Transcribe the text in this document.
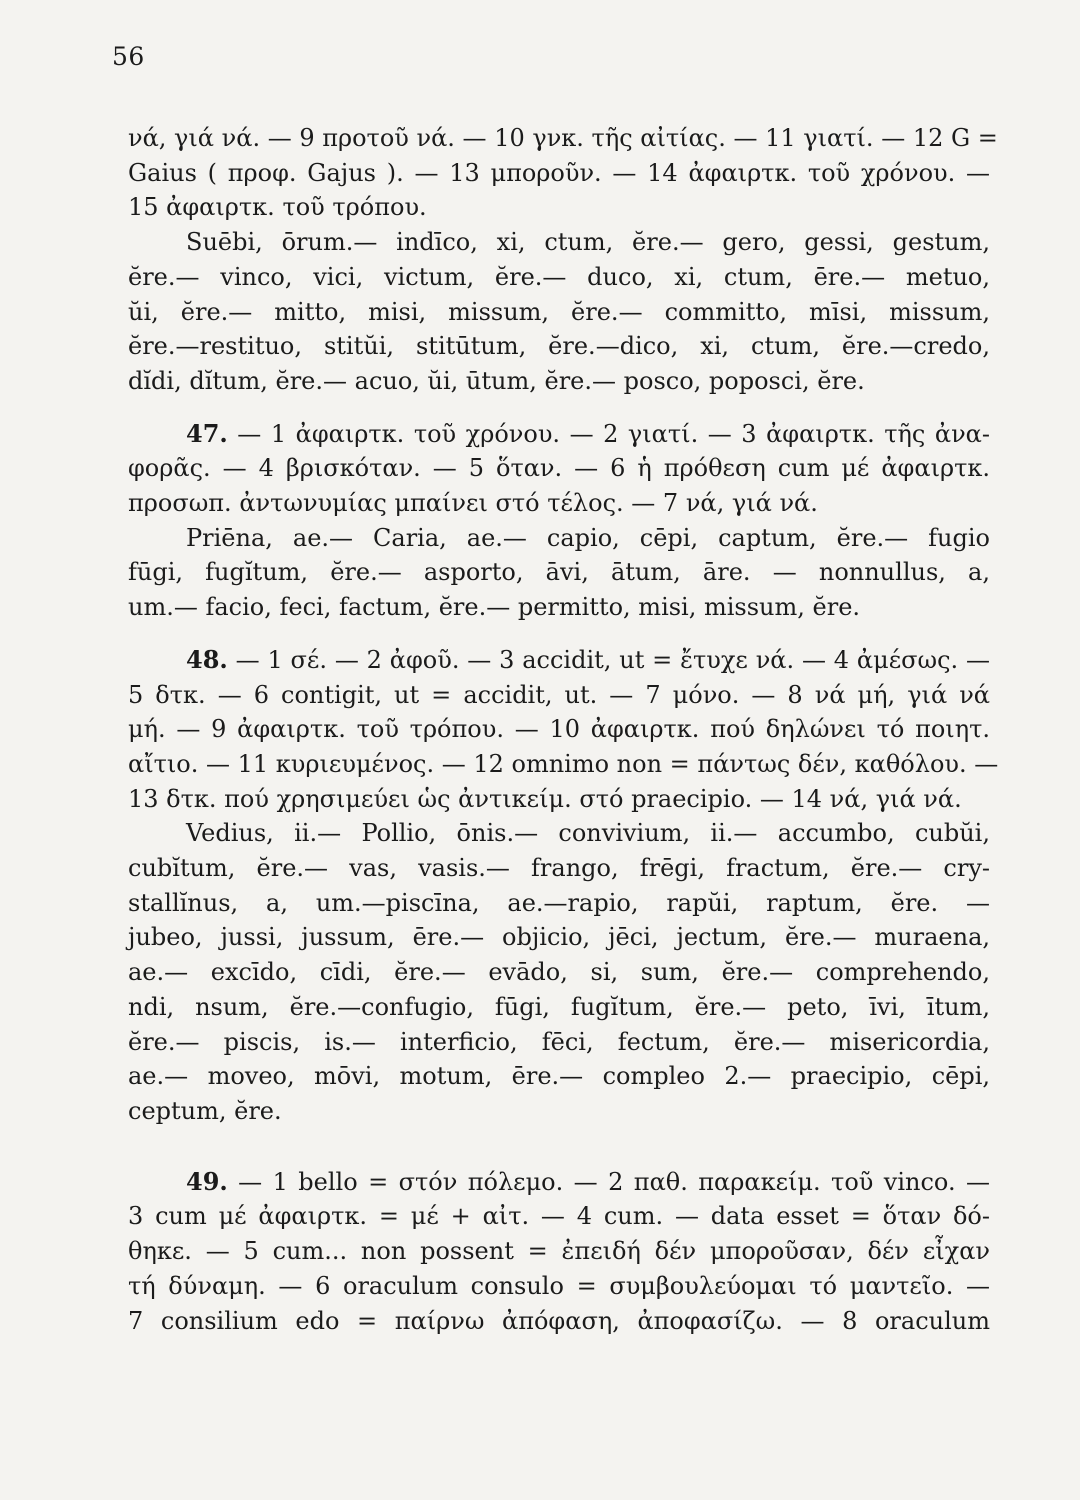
56

νά, γιά νά. — 9 προτοῦ νά. — 10 γνκ. τῆς αἰτίας. — 11 γιατί. — 12 G =
Gaius ( προφ. Gajus ). — 13 μποροῦν. — 14 ἀφαιρτκ. τοῦ χρόνου. —
15 ἀφαιρτκ. τοῦ τρόπου.

Suēbi, ōrum.— indīco, xi, ctum, ĕre.— gero, gessi, gestum,
ĕre.— vinco, vici, victum, ĕre.— duco, xi, ctum, ēre.— metuo,
ŭi, ĕre.— mitto, misi, missum, ĕre.— committo, mīsi, missum,
ĕre.—restituo, stitŭi, stitūtum, ĕre.—dico, xi, ctum, ĕre.—credo,
dĭdi, dĭtum, ĕre.— acuo, ŭi, ūtum, ĕre.— posco, poposci, ĕre.

47. — 1 ἀφαιρτκ. τοῦ χρόνου. — 2 γιατί. — 3 ἀφαιρτκ. τῆς ἀνα-
φορᾶς. — 4 βρισκόταν. — 5 ὅταν. — 6 ἡ πρόθεση cum μέ ἀφαιρτκ.
προσωπ. ἀντωνυμίας μπαίνει στό τέλος. — 7 νά, γιά νά.

Priēna, ae.— Caria, ae.— capio, cēpi, captum, ĕre.— fugio
fūgi, fugĭtum, ĕre.— asporto, āvi, ātum, āre. — nonnullus, a,
um.— facio, feci, factum, ĕre.— permitto, misi, missum, ĕre.

48. — 1 σέ. — 2 ἀφοῦ. — 3 accidit, ut = ἔτυχε νά. — 4 ἀμέσως. —
5 δτκ. — 6 contigit, ut = accidit, ut. — 7 μόνο. — 8 νά μή, γιά νά
μή. — 9 ἀφαιρτκ. τοῦ τρόπου. — 10 ἀφαιρτκ. πού δηλώνει τό ποιητ.
αἴτιο. — 11 κυριευμένος. — 12 omnimo non = πάντως δέν, καθόλου. —
13 δτκ. πού χρησιμεύει ὡς ἀντικείμ. στό praecipio. — 14 νά, γιά νά.

Vedius, ii.— Pollio, ōnis.— convivium, ii.— accumbo, cubŭi,
cubĭtum, ĕre.— vas, vasis.— frango, frēgi, fractum, ĕre.— cry-
stallĭnus, a, um.—piscīna, ae.—rapio, rapŭi, raptum, ĕre. —
jubeo, jussi, jussum, ēre.— objicio, jēci, jectum, ĕre.— muraena,
ae.— excīdo, cīdi, ĕre.— evādo, si, sum, ĕre.— comprehendo,
ndi, nsum, ĕre.—confugio, fūgi, fugĭtum, ĕre.— peto, īvi, ītum,
ĕre.— piscis, is.— interficio, fēci, fectum, ĕre.— misericordia,
ae.— moveo, mōvi, motum, ēre.— compleo 2.— praecipio, cēpi,
ceptum, ĕre.

49. — 1 bello = στόν πόλεμο. — 2 παθ. παρακείμ. τοῦ vinco. —
3 cum μέ ἀφαιρτκ. = μέ + αἰτ. — 4 cum. — data esset = ὅταν δό-
θηκε. — 5 cum... non possent = ἐπειδή δέν μποροῦσαν, δέν εἶχαν
τή δύναμη. — 6 oraculum consulo = συμβουλεύομαι τό μαντεῖο. —
7 consilium edo = παίρνω ἀπόφαση, ἀποφασίζω. — 8 oraculum
